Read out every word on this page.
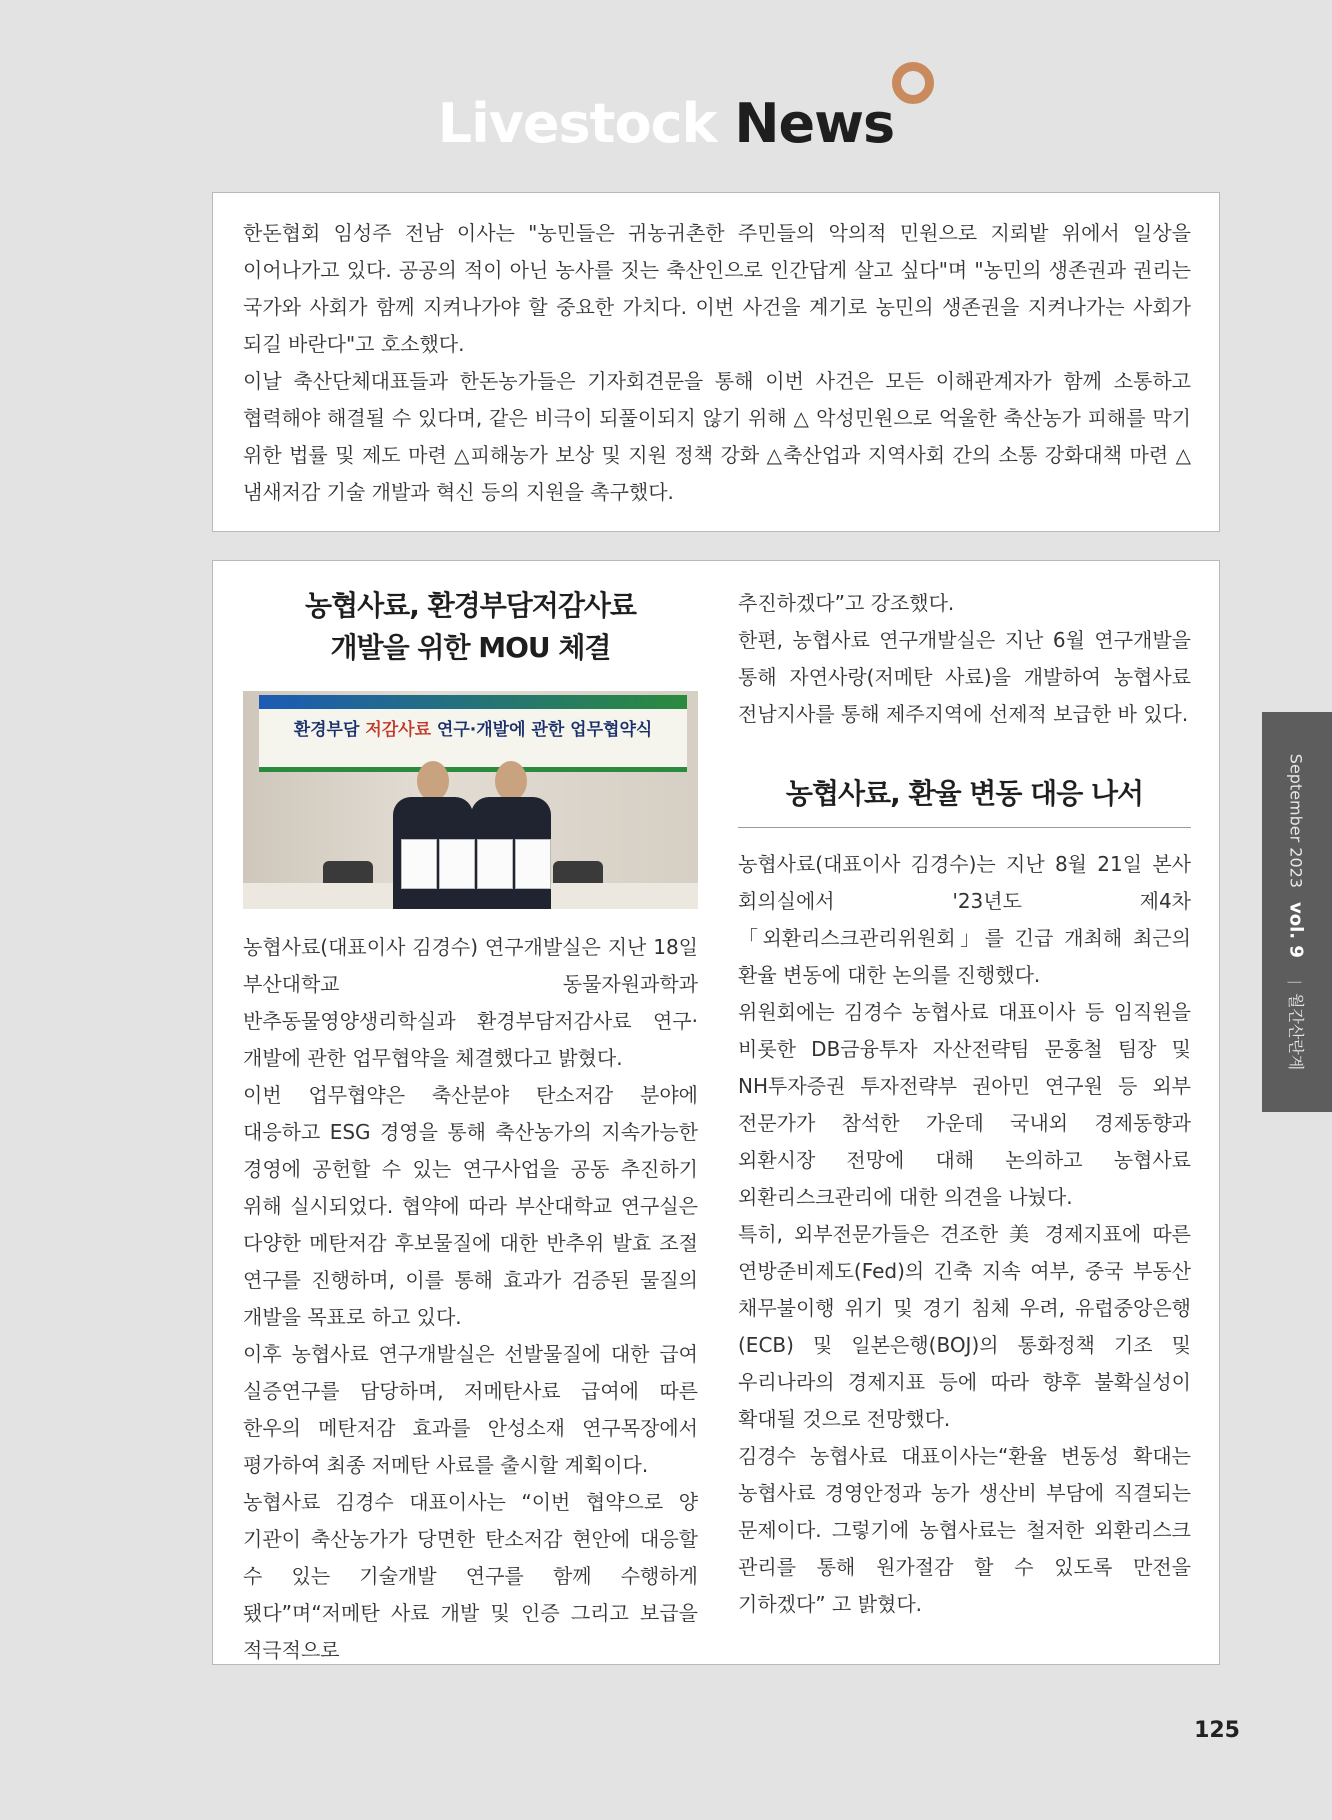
Livestock News

한돈협회 임성주 전남 이사는 "농민들은 귀농귀촌한 주민들의 악의적 민원으로 지뢰밭 위에서 일상을 이어나가고 있다. 공공의 적이 아닌 농사를 짓는 축산인으로 인간답게 살고 싶다"며 "농민의 생존권과 권리는 국가와 사회가 함께 지켜나가야 할 중요한 가치다. 이번 사건을 계기로 농민의 생존권을 지켜나가는 사회가 되길 바란다"고 호소했다.

이날 축산단체대표들과 한돈농가들은 기자회견문을 통해 이번 사건은 모든 이해관계자가 함께 소통하고 협력해야 해결될 수 있다며, 같은 비극이 되풀이되지 않기 위해 △ 악성민원으로 억울한 축산농가 피해를 막기 위한 법률 및 제도 마련 △피해농가 보상 및 지원 정책 강화 △축산업과 지역사회 간의 소통 강화대책 마련 △ 냄새저감 기술 개발과 혁신 등의 지원을 촉구했다.

농협사료, 환경부담저감사료
개발을 위한 MOU 체결

환경부담 저감사료 연구·개발에 관한 업무협약식

농협사료(대표이사 김경수) 연구개발실은 지난 18일 부산대학교 동물자원과학과 반추동물영양생리학실과 환경부담저감사료 연구·개발에 관한 업무협약을 체결했다고 밝혔다.

이번 업무협약은 축산분야 탄소저감 분야에 대응하고 ESG 경영을 통해 축산농가의 지속가능한 경영에 공헌할 수 있는 연구사업을 공동 추진하기 위해 실시되었다. 협약에 따라 부산대학교 연구실은 다양한 메탄저감 후보물질에 대한 반추위 발효 조절 연구를 진행하며, 이를 통해 효과가 검증된 물질의 개발을 목표로 하고 있다.

이후 농협사료 연구개발실은 선발물질에 대한 급여 실증연구를 담당하며, 저메탄사료 급여에 따른 한우의 메탄저감 효과를 안성소재 연구목장에서 평가하여 최종 저메탄 사료를 출시할 계획이다.

농협사료 김경수 대표이사는 “이번 협약으로 양 기관이 축산농가가 당면한 탄소저감 현안에 대응할 수 있는 기술개발 연구를 함께 수행하게 됐다”며“저메탄 사료 개발 및 인증 그리고 보급을 적극적으로

추진하겠다”고 강조했다.

한편, 농협사료 연구개발실은 지난 6월 연구개발을 통해 자연사랑(저메탄 사료)을 개발하여 농협사료 전남지사를 통해 제주지역에 선제적 보급한 바 있다.

농협사료, 환율 변동 대응 나서

농협사료(대표이사 김경수)는 지난 8월 21일 본사 회의실에서 '23년도 제4차「외환리스크관리위원회」를 긴급 개최해 최근의 환율 변동에 대한 논의를 진행했다.

위원회에는 김경수 농협사료 대표이사 등 임직원을 비롯한 DB금융투자 자산전략팀 문홍철 팀장 및 NH투자증권 투자전략부 권아민 연구원 등 외부 전문가가 참석한 가운데 국내외 경제동향과 외환시장 전망에 대해 논의하고 농협사료 외환리스크관리에 대한 의견을 나눴다.

특히, 외부전문가들은 견조한 美 경제지표에 따른 연방준비제도(Fed)의 긴축 지속 여부, 중국 부동산 채무불이행 위기 및 경기 침체 우려, 유럽중앙은행(ECB) 및 일본은행(BOJ)의 통화정책 기조 및 우리나라의 경제지표 등에 따라 향후 불확실성이 확대될 것으로 전망했다.

김경수 농협사료 대표이사는“환율 변동성 확대는 농협사료 경영안정과 농가 생산비 부담에 직결되는 문제이다. 그렇기에 농협사료는 철저한 외환리스크 관리를 통해 원가절감 할 수 있도록 만전을 기하겠다” 고 밝혔다.

September 2023vol. 9월간산란계
125
